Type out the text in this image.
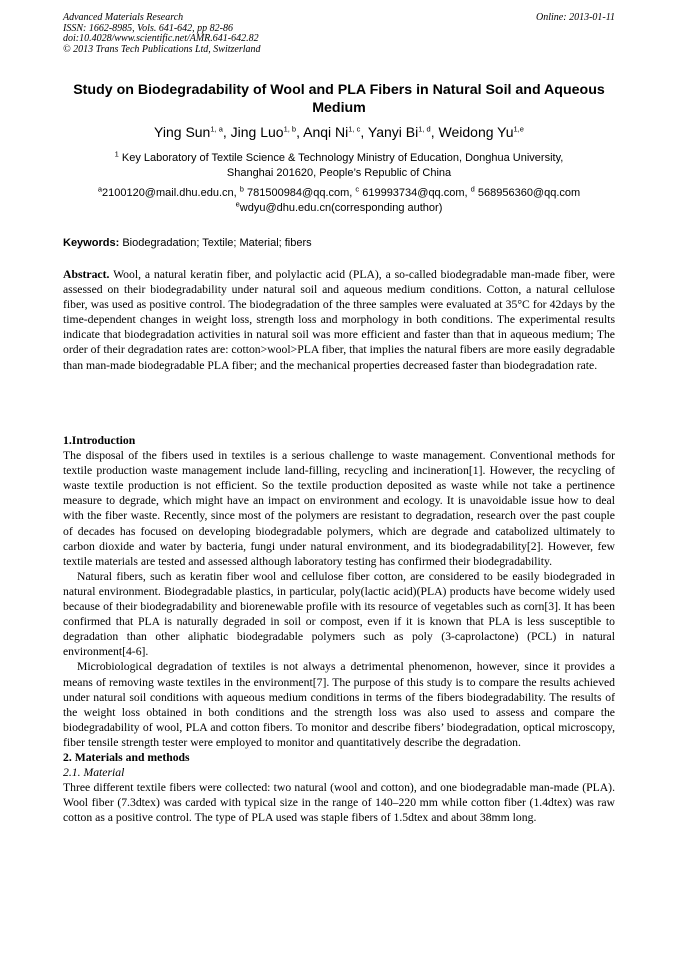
Advanced Materials Research
ISSN: 1662-8985, Vols. 641-642, pp 82-86
doi:10.4028/www.scientific.net/AMR.641-642.82
© 2013 Trans Tech Publications Ltd, Switzerland
Online: 2013-01-11
Study on Biodegradability of Wool and PLA Fibers in Natural Soil and Aqueous Medium
Ying Sun$^{1, a}$, Jing Luo$^{1, b}$, Anqi Ni$^{1, c}$, Yanyi Bi$^{1, d}$, Weidong Yu$^{1,e}$
$^1$ Key Laboratory of Textile Science & Technology Ministry of Education, Donghua University,
Shanghai 201620, People’s Republic of China
$^a$2100120@mail.dhu.edu.cn, $^b$ 781500984@qq.com, $^c$ 619993734@qq.com, $^d$ 568956360@qq.com
$^e$wdyu@dhu.edu.cn(corresponding author)
Keywords: Biodegradation; Textile; Material; fibers
Abstract. Wool, a natural keratin fiber, and polylactic acid (PLA), a so-called biodegradable man-made fiber, were assessed on their biodegradability under natural soil and aqueous medium conditions. Cotton, a natural cellulose fiber, was used as positive control. The biodegradation of the three samples were evaluated at 35°C for 42days by the time-dependent changes in weight loss, strength loss and morphology in both conditions. The experimental results indicate that biodegradation activities in natural soil was more efficient and faster than that in aqueous medium; The order of their degradation rates are: cotton>wool>PLA fiber, that implies the natural fibers are more easily degradable than man-made biodegradable PLA fiber; and the mechanical properties decreased faster than biodegradation rate.

1.Introduction

The disposal of the fibers used in textiles is a serious challenge to waste management. Conventional methods for textile production waste management include land-filling, recycling and incineration[1]. However, the recycling of waste textile production is not efficient. So the textile production deposited as waste while not take a pertinence measure to degrade, which might have an impact on environment and ecology. It is unavoidable issue how to deal with the fiber waste. Recently, since most of the polymers are resistant to degradation, research over the past couple of decades has focused on developing biodegradable polymers, which are degrade and catabolized ultimately to carbon dioxide and water by bacteria, fungi under natural environment, and its biodegradability[2]. However, few textile materials are tested and assessed although laboratory testing has confirmed their biodegradability.

Natural fibers, such as keratin fiber wool and cellulose fiber cotton, are considered to be easily biodegraded in natural environment. Biodegradable plastics, in particular, poly(lactic acid)(PLA) products have become widely used because of their biodegradability and biorenewable profile with its resource of vegetables such as corn[3]. It has been confirmed that PLA is naturally degraded in soil or compost, even if it is known that PLA is less susceptible to degradation than other aliphatic biodegradable polymers such as poly (3-caprolactone) (PCL) in natural environment[4-6].

Microbiological degradation of textiles is not always a detrimental phenomenon, however, since it provides a means of removing waste textiles in the environment[7]. The purpose of this study is to compare the results achieved under natural soil conditions with aqueous medium conditions in terms of the fibers biodegradability. The results of the weight loss obtained in both conditions and the strength loss was also used to assess and compare the biodegradability of wool, PLA and cotton fibers. To monitor and describe fibers’ biodegradation, optical microscopy, fiber tensile strength tester were employed to monitor and quantitatively describe the degradation.

2. Materials and methods

2.1. Material

Three different textile fibers were collected: two natural (wool and cotton), and one biodegradable man-made (PLA). Wool fiber (7.3dtex) was carded with typical size in the range of 140–220 mm while cotton fiber (1.4dtex) was raw cotton as a positive control. The type of PLA used was staple fibers of 1.5dtex and about 38mm long.
